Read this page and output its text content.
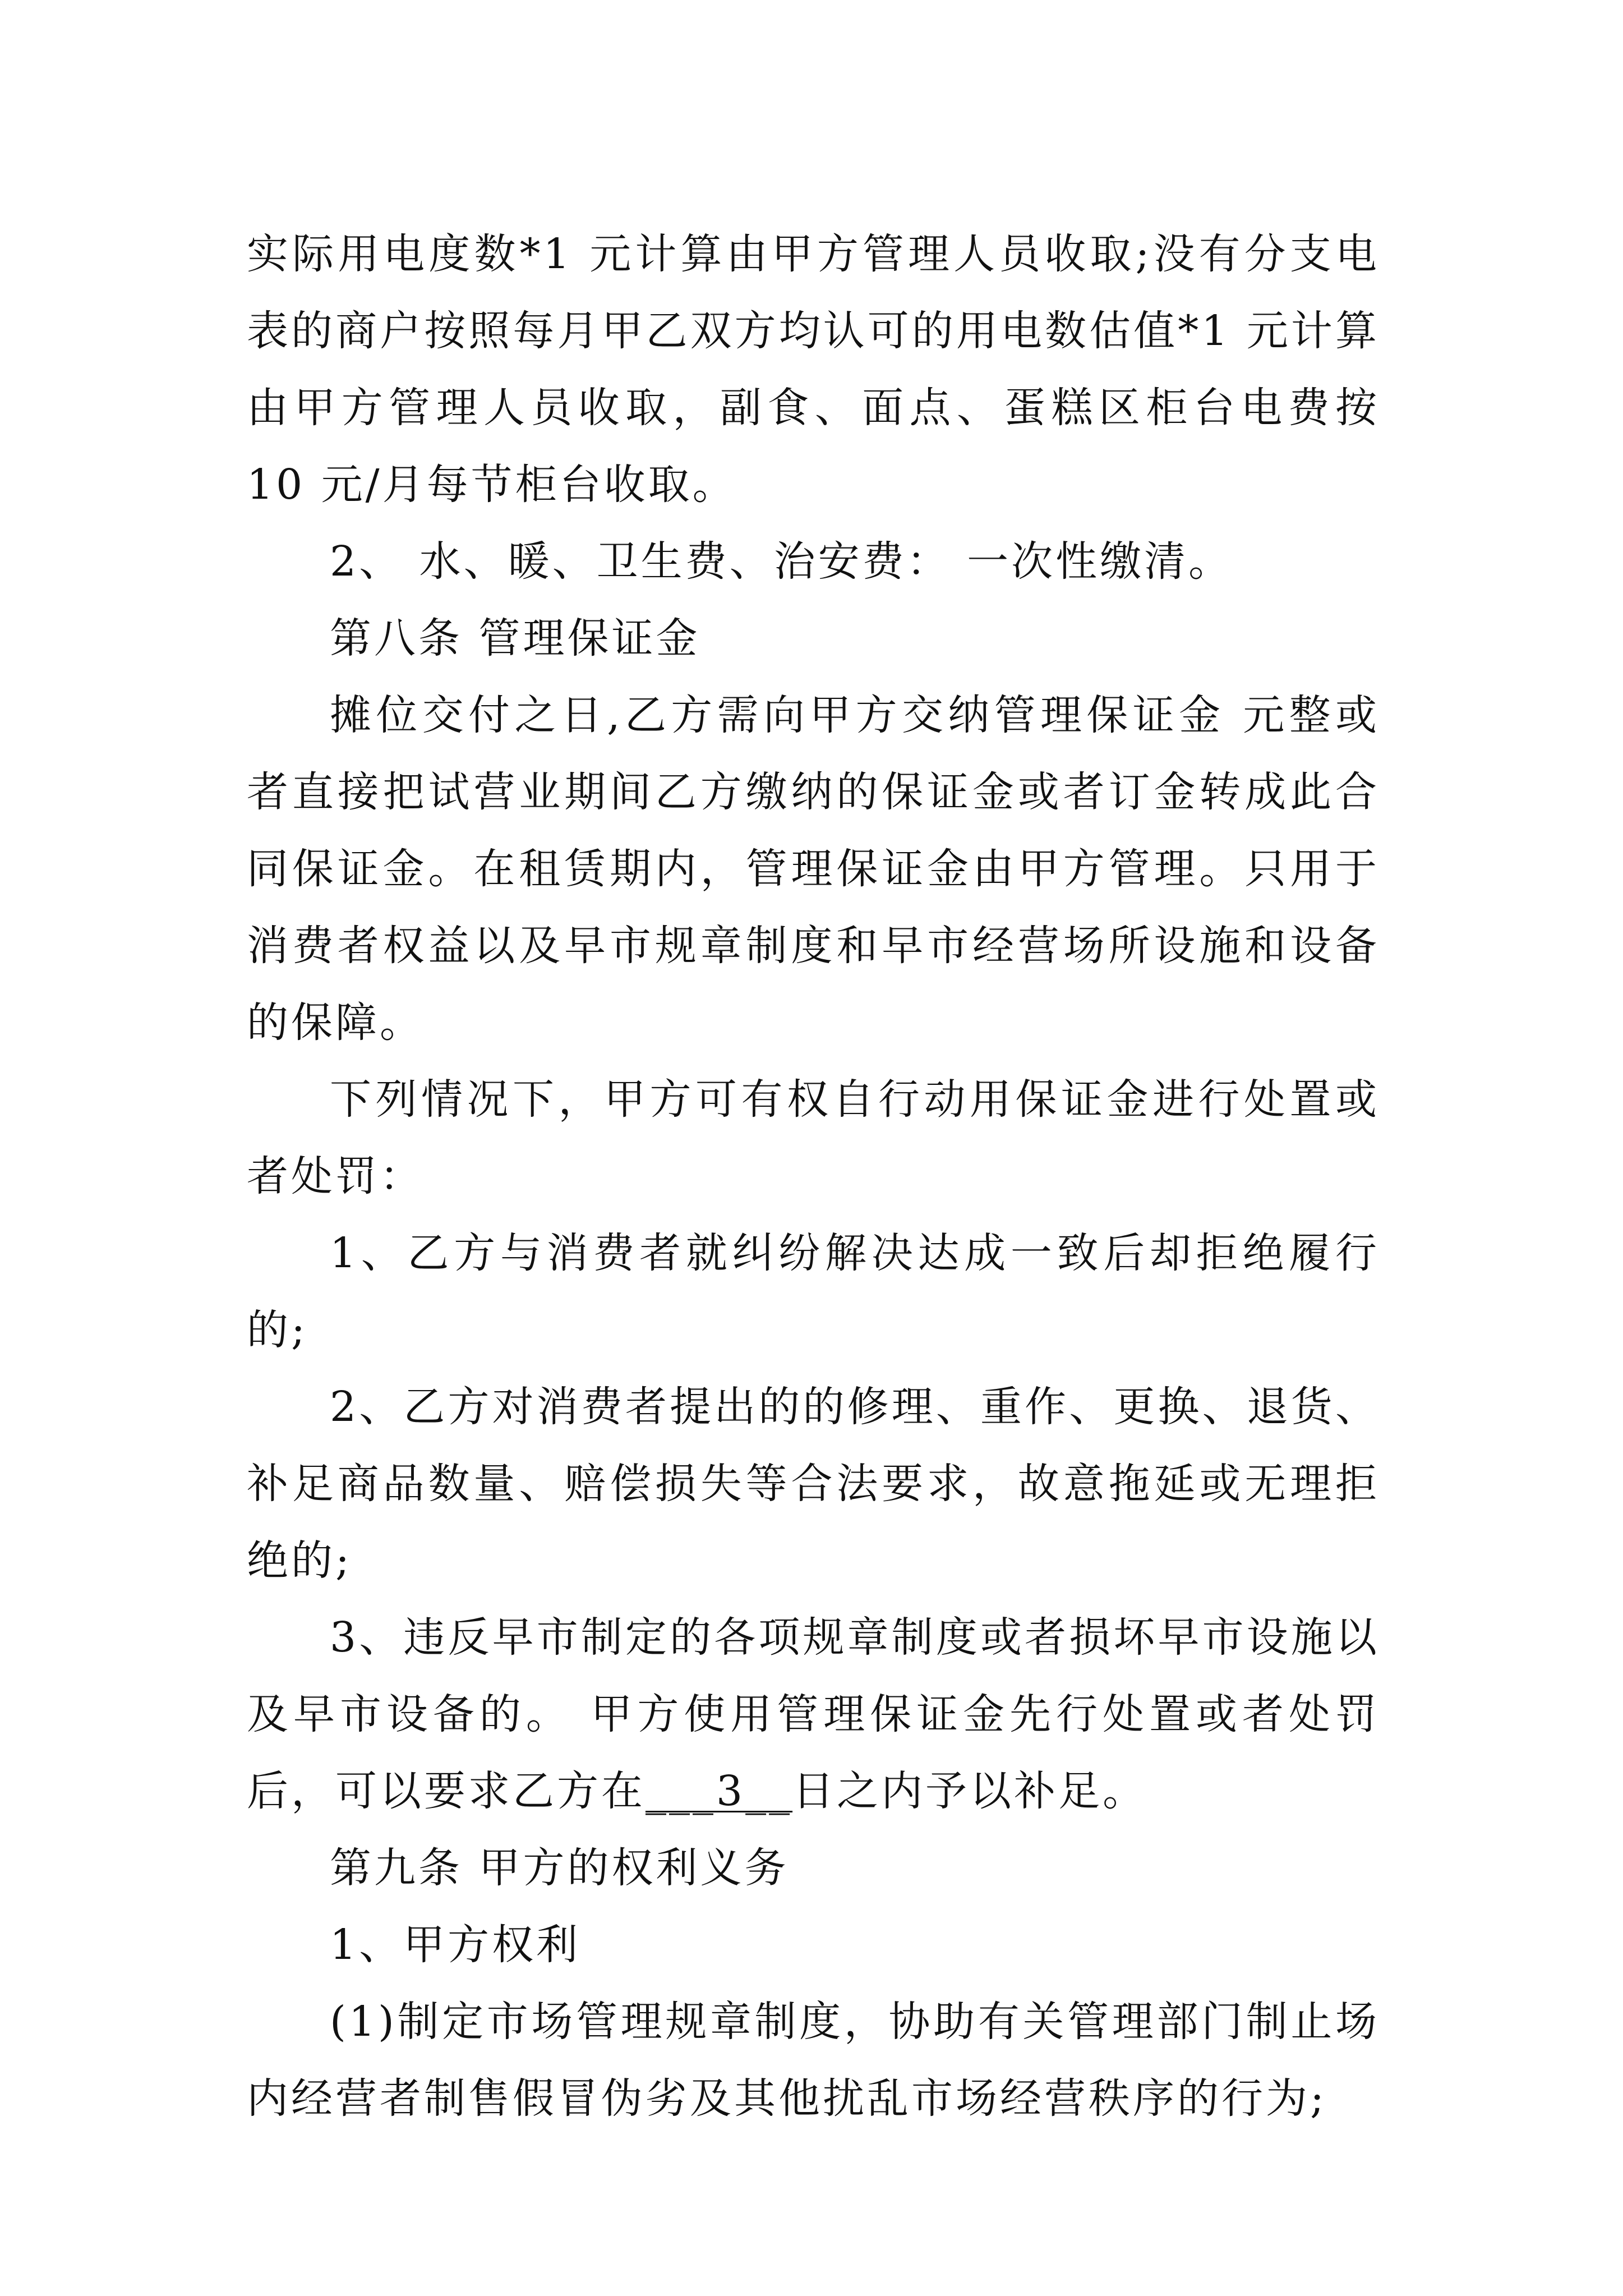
实际用电度数*1 元计算由甲方管理人员收取;没有分支电表的商户按照每月甲乙双方均认可的用电数估值*1 元计算由甲方管理人员收取，副食、面点、蛋糕区柜台电费按 10 元/月每节柜台收取。

2、 水、暖、卫生费、治安费： 一次性缴清。

第八条 管理保证金

摊位交付之日,乙方需向甲方交纳管理保证金 元整或者直接把试营业期间乙方缴纳的保证金或者订金转成此合同保证金。在租赁期内，管理保证金由甲方管理。只用于消费者权益以及早市规章制度和早市经营场所设施和设备的保障。

下列情况下，甲方可有权自行动用保证金进行处置或者处罚：

1、乙方与消费者就纠纷解决达成一致后却拒绝履行的;

2、乙方对消费者提出的的修理、重作、更换、退货、补足商品数量、赔偿损失等合法要求，故意拖延或无理拒绝的;

3、违反早市制定的各项规章制度或者损坏早市设施以及早市设备的。 甲方使用管理保证金先行处置或者处罚后，可以要求乙方在___3__日之内予以补足。

第九条 甲方的权利义务

1、甲方权利

(1)制定市场管理规章制度，协助有关管理部门制止场内经营者制售假冒伪劣及其他扰乱市场经营秩序的行为;
